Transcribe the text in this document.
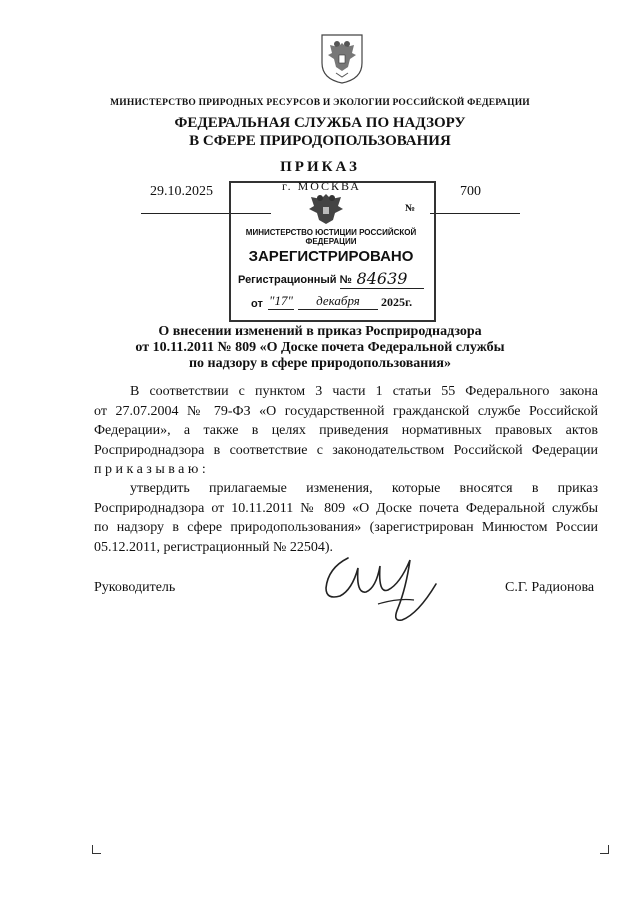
МИНИСТЕРСТВО ПРИРОДНЫХ РЕСУРСОВ И ЭКОЛОГИИ РОССИЙСКОЙ ФЕДЕРАЦИИ
ФЕДЕРАЛЬНАЯ СЛУЖБА ПО НАДЗОРУ
В СФЕРЕ ПРИРОДОПОЛЬЗОВАНИЯ
ПРИКАЗ
29.10.2025	700
г. МОСКВА
№
МИНИСТЕРСТВО ЮСТИЦИИ РОССИЙСКОЙ ФЕДЕРАЦИИ
ЗАРЕГИСТРИРОВАНО
Регистрационный № 84639
от "17"	декабря	2025г.
О внесении изменений в приказ Росприроднадзора
от 10.11.2011 № 809 «О Доске почета Федеральной службы
по надзору в сфере природопользования»
В соответствии с пунктом 3 части 1 статьи 55 Федерального закона
от 27.07.2004 № 79-ФЗ «О государственной гражданской службе Российской
Федерации», а также в целях приведения нормативных правовых актов
Росприроднадзора в соответствие с законодательством Российской Федерации
приказываю:
утвердить прилагаемые изменения, которые вносятся в приказ
Росприроднадзора от 10.11.2011 № 809 «О Доске почета Федеральной службы
по надзору в сфере природопользования» (зарегистрирован Минюстом России
05.12.2011, регистрационный № 22504).
Руководитель	С.Г. Радионова
